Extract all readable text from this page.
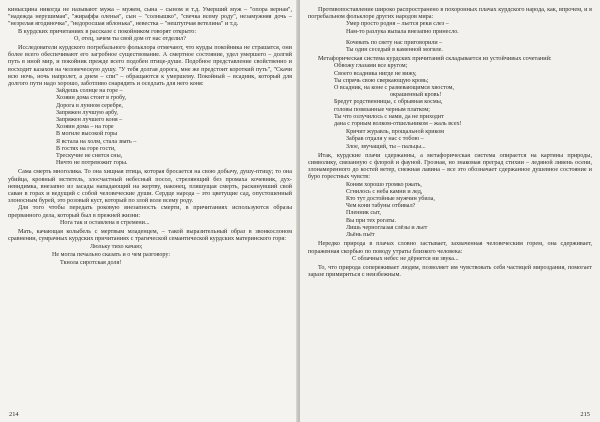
кинысцина никогда не называют мужа – мужем, сына – сыном и т.д. Умерший муж – "опора верная", "надежда нерушимая", "жираффа оленья", сын – "солнышко", "свечка всему роду", незамужняя дочь – "незрелая ягодиночка", "недоросшая яблонька", невестка – "нештупчая ветелина" и т.д.

В курдских причитаниях в рассказе с покойником говорят открыто:

О, отец, зачем ты свой дом от нас отделил?

Исследователи курдского погребального фольклора отмечают, что курды покойника не страшатся, они более всего обеспечивают его загробное существование. А смертное состояние, удел умершего – долгий путь в иной мир, и покойник прежде всего подобен птице-душе. Подобное представление свойственно и восходит казахов на человеческую душу. "У тебя долгая дорога, мне же предстоит короткий путь", "Скачи всю ночь, ночь напролет, а днем – спи" – обращаются к умершему. Покойный – всадник, который для долгого пути надо хорошо, заботливо снарядить и оседлать для него коня:

Зайдешь солнце на горе –

Хозяин дома стоит в гробу,

Дорога в лунном серебре,

Запряжен лучшую арбу,

Запряжен лучшего коня –

Хозяин дома – на горе

В могиле высокой горы

Я встала на холм, стала звать –

В гостях на горе гости,

Трескучие не снятся сны,

Ничто не потревожит горы.

Сама смерть многолика. То она хищная птица, которая бросается на свою добычу, душу-птицу; то она убийца, кровный мститель, злосчастный небесный посол, стреляющий без промаха кочевник, дух-невидимка, внезапно из засады нападающий на жертву, наконец, пляшущая смерть, раскинувший свой саван в горах и ведущий с собой человеческие души. Сердце народа – это цветущие сад, опустошенный злоносным бурей, это розовый куст, который по злой воле всему роду.

Для того чтобы передать роковую внезапность смерти, в причитаниях используются образы прерванного дела, который был в прежней жизни:

Нога так и оставлена в стремени...

Мать, качающая колыбель с мертвым младенцем, – такой выразительный образ в звонкослоном сравнении, сумрачных курдских причитаниях с трагической семантической курдских материнского горя:

Люльку тихо качаю;

Не могла печально сказать и о чем разговору:

Ткнола сиротская доля!

214

Противопоставление широко распространено в похоронных плачах курдского народа, как, впрочем, и в погребальном фольклоре других народов мира:

Умер просто родня – льется реки слез –

Нам-то разлука выпала внезапно принесло.

Кочевать по свету нас приговорили –

Ты один сеседый в каменной могиле.

Метафорическая система курдских причитаний складывается из устойчивых сочетаний:

Обвожу глазами все кругом;

Своего всадника нигде не вижу,

Ты спрячь свою сверкающую кровь;

О всадник, на коне с развевающимся хвостом,

окрашенный кровь!

Бредут родственницы, с обрывная космы,

головы повязанные черным платком;

Ты что озлучилось с нами, да не приходит

дана с горным волком-отшельником – жаль всех!

Кричит журавль, прощальной криком

Забрав отдаля у нас с тобою –

Злое, звучащий, ты – пальцы...

Итак, курдские плачи сдержанны, а метафорическая система опирается на картины природы, символику, связанную с флорой и фауной. Грозная, но знакомая преград стихии – ледяной ливень осени, злонамеренного до костей ветер, снежная лавина – все это обозначает сдержанное душевное состояние и буро горестных чувств:

Коням хорошо громко ржать,

Сгнилось с неба камни и лед,

Кто тут достойные мужчин убила,

Чем кони табуны отбивал?

Пленник сыт,

Вы при тех рогаты.

Лишь черноглазая слёзы и льет

Льёнь пьёт

Нередко природа в плачах словно застывает, захваченная человеческим горем, она сдерживает, пораженная скорбью по поводу утраты близкого человека:

С облачных небес не дёрнется ни звука...

То, что природа сопереживает людям, позволяет им чувствовать себя частицей мироздания, помогает заразе примириться с неизбежным.

215
